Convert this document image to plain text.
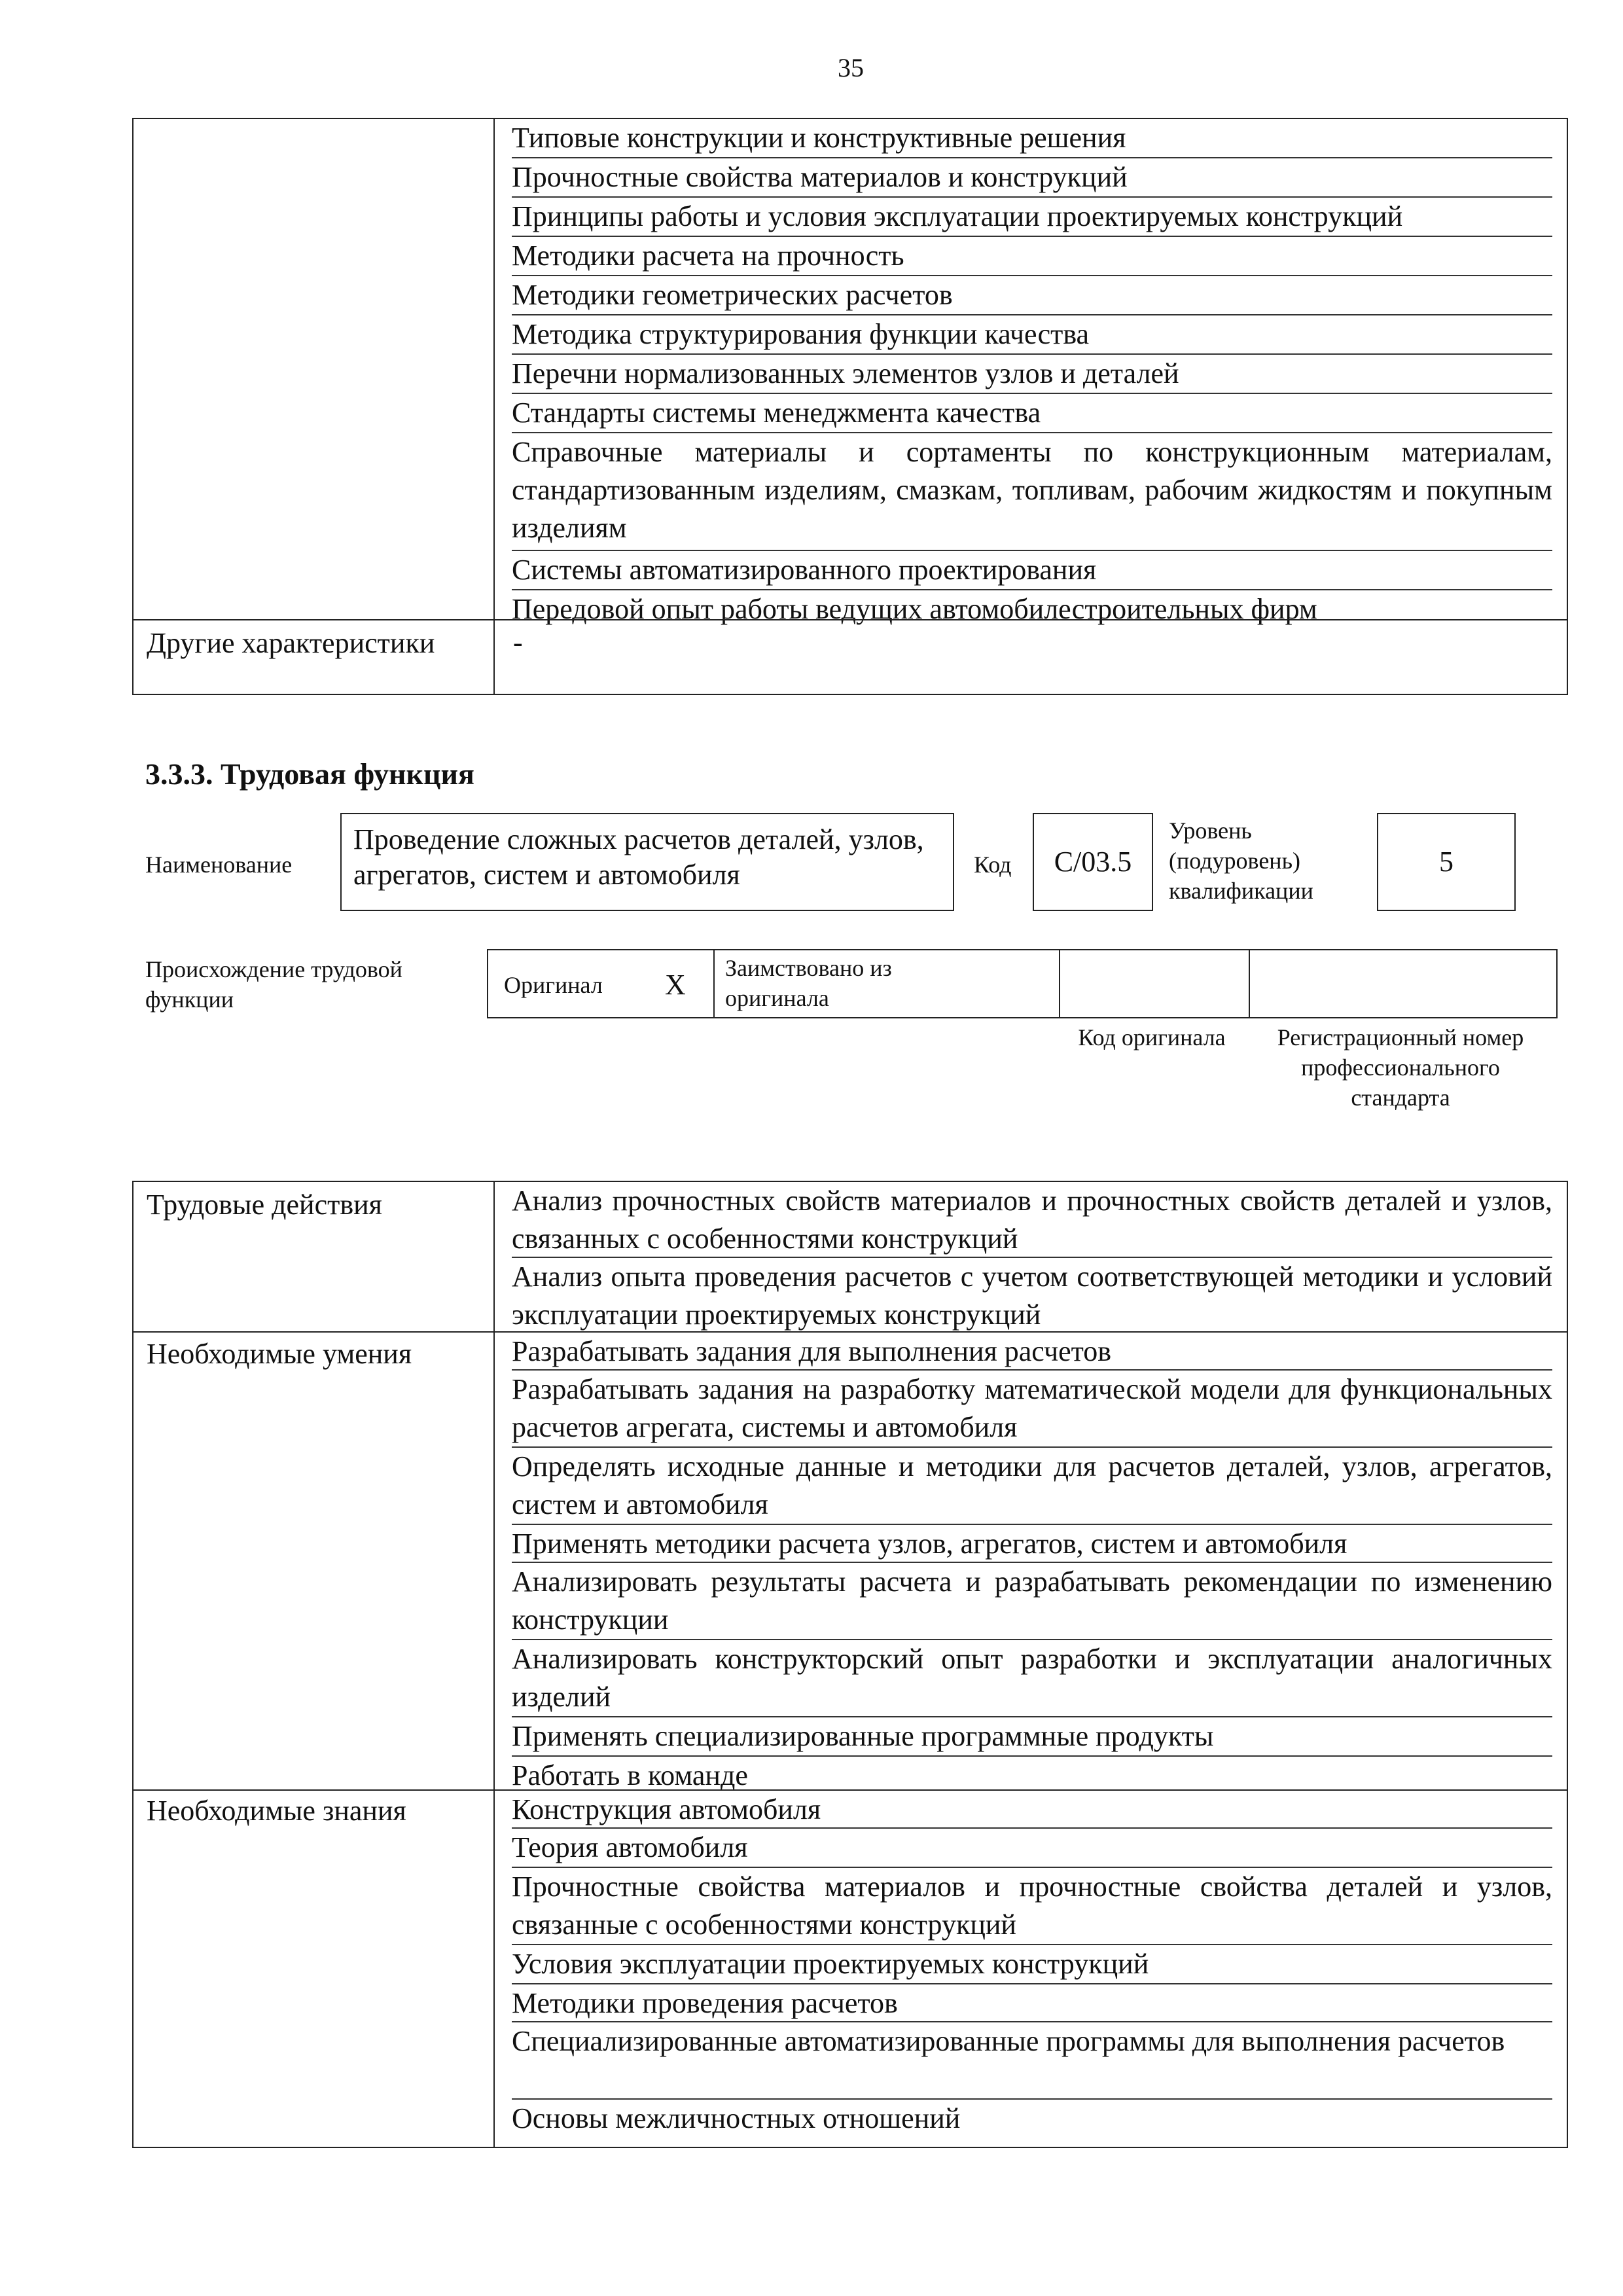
35
Типовые конструкции и конструктивные решения
Прочностные свойства материалов и конструкций
Принципы работы и условия эксплуатации проектируемых конструкций
Методики расчета на прочность
Методики геометрических расчетов
Методика структурирования функции качества
Перечни нормализованных элементов узлов и деталей
Стандарты системы менеджмента качества
Справочные материалы и сортаменты по конструкционным материалам, стандартизованным изделиям, смазкам, топливам, рабочим жидкостям и покупным изделиям
Системы автоматизированного проектирования
Передовой опыт работы ведущих автомобилестроительных фирм
Другие характеристики	-
3.3.3. Трудовая функция
Наименование
Проведение сложных расчетов деталей, узлов, агрегатов, систем и автомобиля	Код	C/03.5
Уровень (подуровень) квалификации
5
Происхождение трудовой функции
Оригинал X
Заимствовано из оригинала
Код оригинала	Регистрационный номер профессионального стандарта
Трудовые действия	Анализ прочностных свойств материалов и прочностных свойств деталей и узлов, связанных с особенностями конструкций
Анализ опыта проведения расчетов с учетом соответствующей методики и условий эксплуатации проектируемых конструкций
Необходимые умения	Разрабатывать задания для выполнения расчетов
Разрабатывать задания на разработку математической модели для функциональных расчетов агрегата, системы и автомобиля
Определять исходные данные и методики для расчетов деталей, узлов, агрегатов, систем и автомобиля
Применять методики расчета узлов, агрегатов, систем и автомобиля
Анализировать результаты расчета и разрабатывать рекомендации по изменению конструкции
Анализировать конструкторский опыт разработки и эксплуатации аналогичных изделий
Применять специализированные программные продукты
Работать в команде
Необходимые знания	Конструкция автомобиля
Теория автомобиля
Прочностные свойства материалов и прочностные свойства деталей и узлов, связанные с особенностями конструкций
Условия эксплуатации проектируемых конструкций
Методики проведения расчетов
Специализированные автоматизированные программы для выполнения расчетов
Основы межличностных отношений
